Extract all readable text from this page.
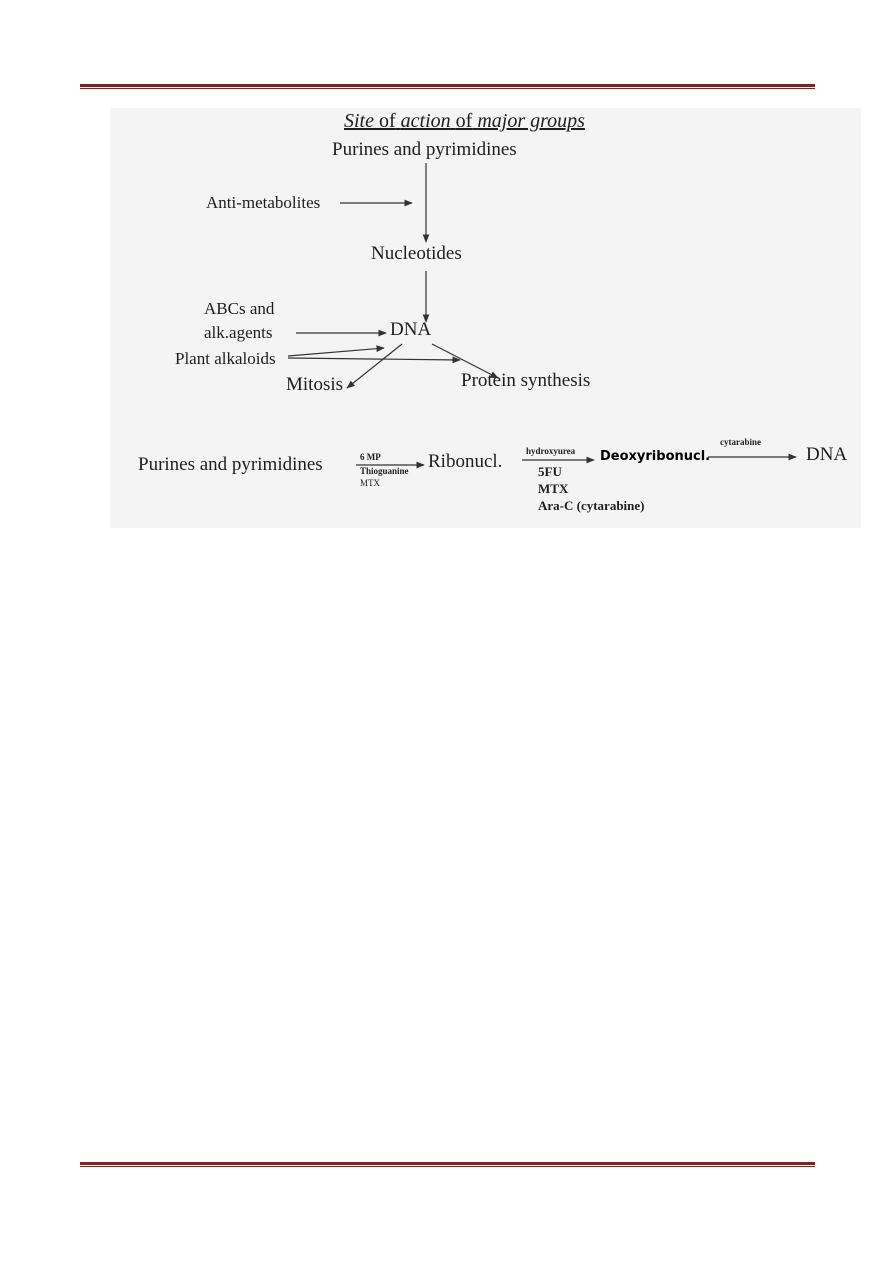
Site of action of major groups
Purines and pyrimidines
Anti-metabolites
Nucleotides
ABCs and
alk.agents	DNA
Plant alkaloids
Mitosis	Protein synthesis
Purines and pyrimidines	6 MP
Thioguanine
MTX
Ribonucl.	hydroxyurea
5FU
MTX
Ara-C (cytarabine)
Deoxyribonucl.
cytarabine
DNA
